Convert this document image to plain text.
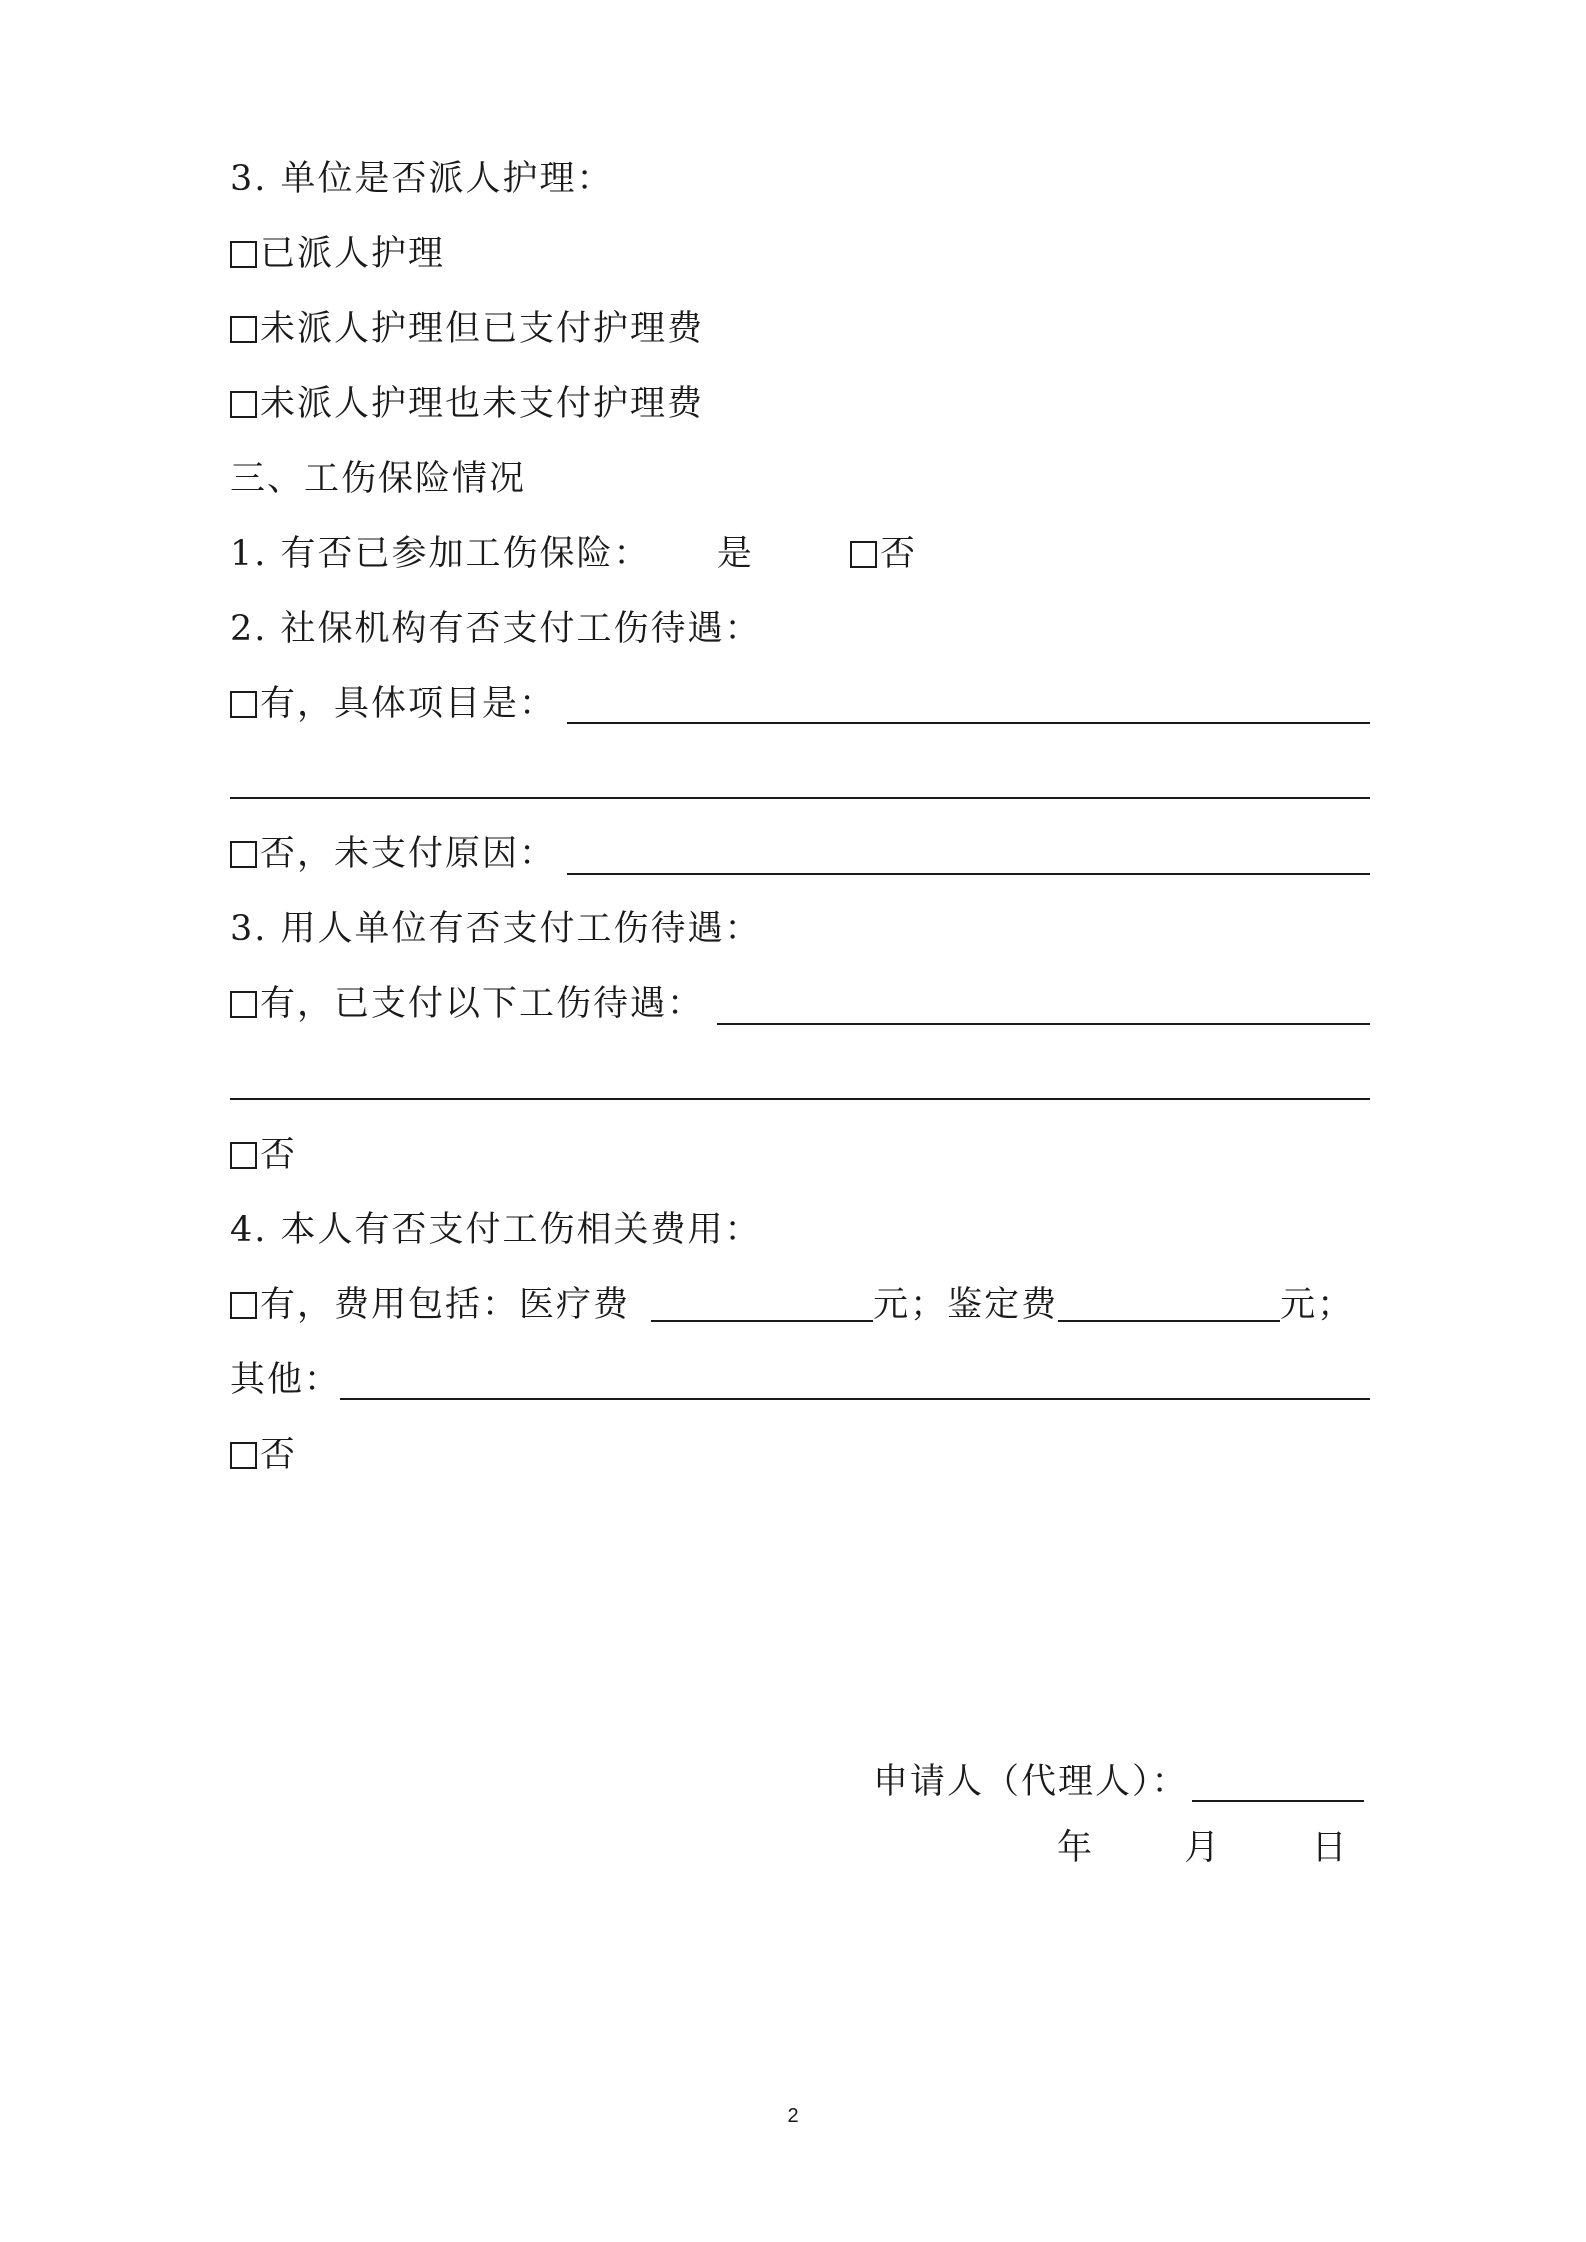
3. 单位是否派人护理：
已派人护理
未派人护理但已支付护理费
未派人护理也未支付护理费
三、工伤保险情况
1. 有否已参加工伤保险： 是	否
2. 社保机构有否支付工伤待遇：
有，具体项目是：
否，未支付原因：
3. 用人单位有否支付工伤待遇：
有，已支付以下工伤待遇：
否
4. 本人有否支付工伤相关费用：
有，费用包括：医疗费	元；鉴定费	元；
其他：
否
申请人（代理人）：
年	月	日
2
